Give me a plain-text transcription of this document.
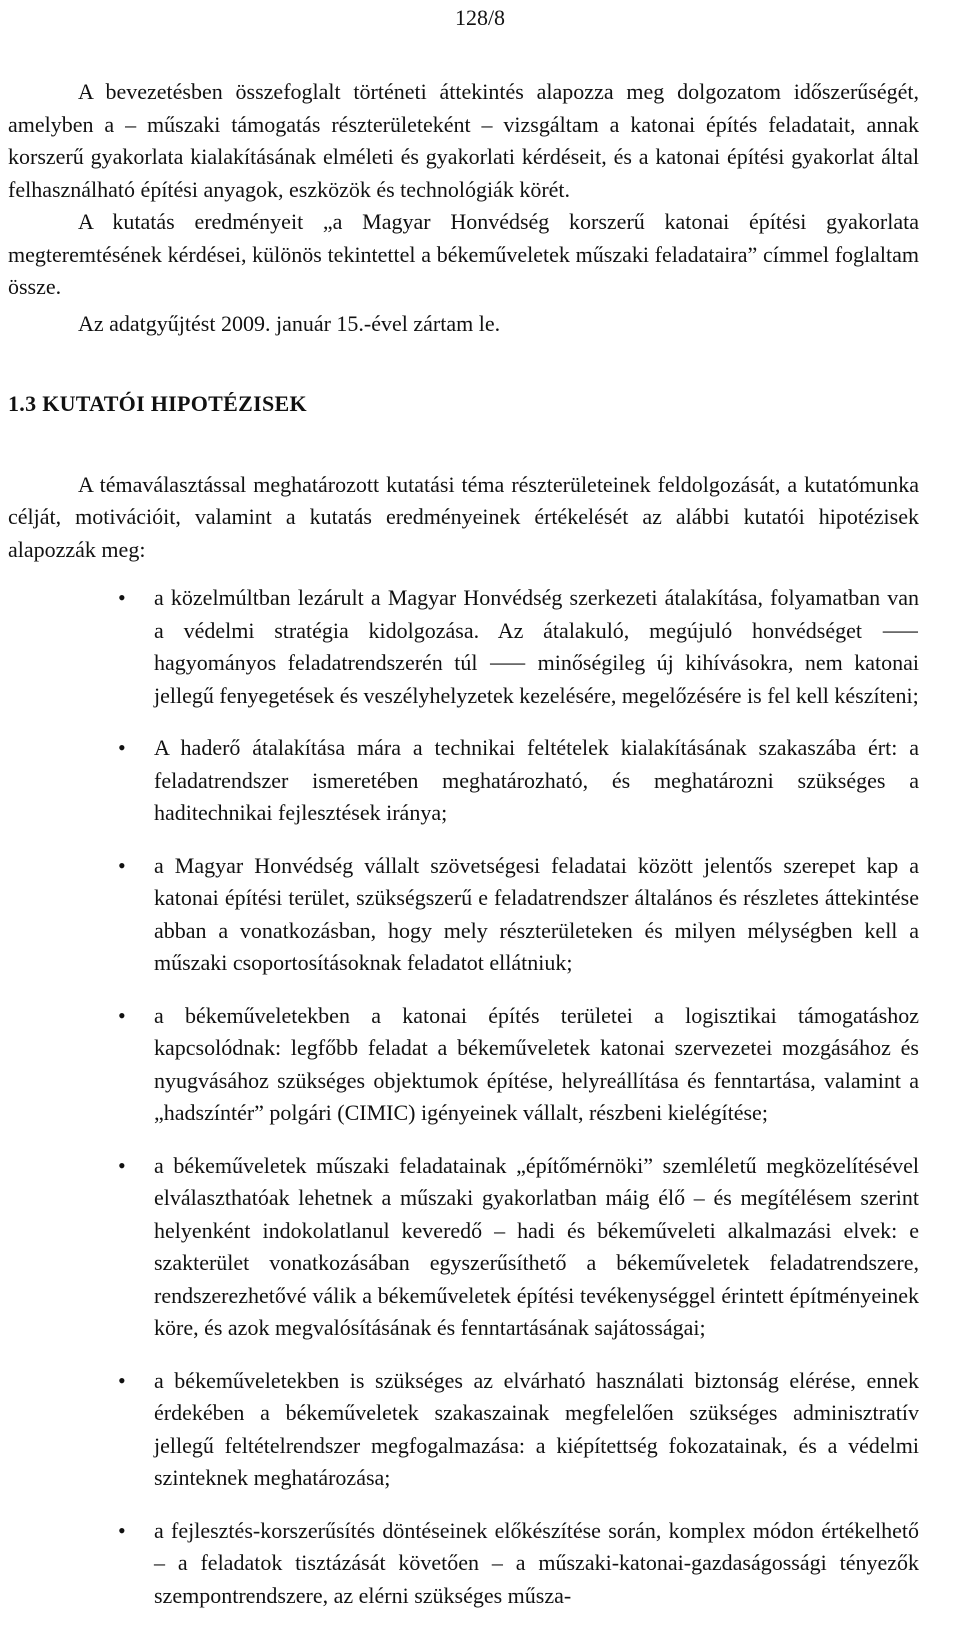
128/8

A bevezetésben összefoglalt történeti áttekintés alapozza meg dolgozatom időszerűségét, amelyben a – műszaki támogatás részterületeként – vizsgáltam a katonai építés feladatait, annak korszerű gyakorlata kialakításának elméleti és gyakorlati kérdéseit, és a katonai építési gyakorlat által felhasználható építési anyagok, eszközök és technológiák körét.

A kutatás eredményeit „a Magyar Honvédség korszerű katonai építési gyakorlata megteremtésének kérdései, különös tekintettel a békeműveletek műszaki feladataira” címmel foglaltam össze.

Az adatgyűjtést 2009. január 15.-ével zártam le.

1.3 KUTATÓI HIPOTÉZISEK

A témaválasztással meghatározott kutatási téma részterületeinek feldolgozását, a kutatómunka célját, motivációit, valamint a kutatás eredményeinek értékelését az alábbi kutatói hipotézisek alapozzák meg:

• a közelmúltban lezárult a Magyar Honvédség szerkezeti átalakítása, folyamatban van a védelmi stratégia kidolgozása. Az átalakuló, megújuló honvédséget ⸺ hagyományos feladatrendszerén túl ⸺ minőségileg új kihívásokra, nem katonai jellegű fenyegetések és veszélyhelyzetek kezelésére, megelőzésére is fel kell készíteni;
• A haderő átalakítása mára a technikai feltételek kialakításának szakaszába ért: a feladatrendszer ismeretében meghatározható, és meghatározni szükséges a haditechnikai fejlesztések iránya;
• a Magyar Honvédség vállalt szövetségesi feladatai között jelentős szerepet kap a katonai építési terület, szükségszerű e feladatrendszer általános és részletes áttekintése abban a vonatkozásban, hogy mely részterületeken és milyen mélységben kell a műszaki csoportosításoknak feladatot ellátniuk;
• a békeműveletekben a katonai építés területei a logisztikai támogatáshoz kapcsolódnak: legfőbb feladat a békeműveletek katonai szervezetei mozgásához és nyugvásához szükséges objektumok építése, helyreállítása és fenntartása, valamint a „hadszíntér” polgári (CIMIC) igényeinek vállalt, részbeni kielégítése;
• a békeműveletek műszaki feladatainak „építőmérnöki” szemléletű megközelítésével elválaszthatóak lehetnek a műszaki gyakorlatban máig élő – és megítélésem szerint helyenként indokolatlanul keveredő – hadi és békeműveleti alkalmazási elvek: e szakterület vonatkozásában egyszerűsíthető a békeműveletek feladatrendszere, rendszerezhetővé válik a békeműveletek építési tevékenységgel érintett építményeinek köre, és azok megvalósításának és fenntartásának sajátosságai;
• a békeműveletekben is szükséges az elvárható használati biztonság elérése, ennek érdekében a békeműveletek szakaszainak megfelelően szükséges adminisztratív jellegű feltételrendszer megfogalmazása: a kiépítettség fokozatainak, és a védelmi szinteknek meghatározása;
• a fejlesztés-korszerűsítés döntéseinek előkészítése során, komplex módon értékelhető – a feladatok tisztázását követően – a műszaki-katonai-gazdaságossági tényezők szempontrendszere, az elérni szükséges műsza-
